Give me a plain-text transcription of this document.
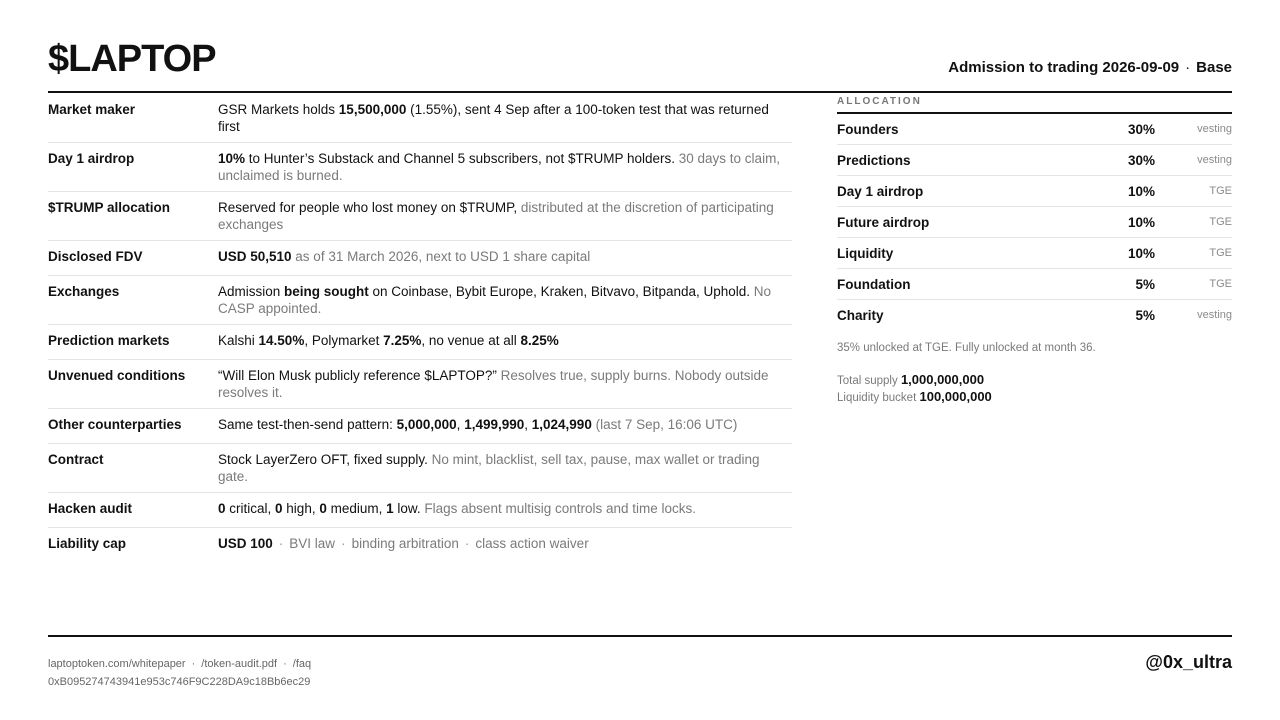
$LAPTOP	Admission to trading 2026-09-09 · Base
Market maker	GSR Markets holds 15,500,000 (1.55%), sent 4 Sep after a 100-token test that was returned first
Day 1 airdrop	10% to Hunter’s Substack and Channel 5 subscribers, not $TRUMP holders. 30 days to claim, unclaimed is burned.
$TRUMP allocation	Reserved for people who lost money on $TRUMP, distributed at the discretion of participating exchanges
Disclosed FDV	USD 50,510 as of 31 March 2026, next to USD 1 share capital
Exchanges	Admission being sought on Coinbase, Bybit Europe, Kraken, Bitvavo, Bitpanda, Uphold. No CASP appointed.
Prediction markets	Kalshi 14.50%, Polymarket 7.25%, no venue at all 8.25%
Unvenued conditions	“Will Elon Musk publicly reference $LAPTOP?” Resolves true, supply burns. Nobody outside resolves it.
Other counterparties	Same test-then-send pattern: 5,000,000, 1,499,990, 1,024,990 (last 7 Sep, 16:06 UTC)
Contract	Stock LayerZero OFT, fixed supply. No mint, blacklist, sell tax, pause, max wallet or trading gate.
Hacken audit	0 critical, 0 high, 0 medium, 1 low. Flags absent multisig controls and time locks.
Liability cap	USD 100 · BVI law · binding arbitration · class action waiver
ALLOCATION
Founders	30%	vesting
Predictions	30%	vesting
Day 1 airdrop	10%	TGE
Future airdrop	10%	TGE
Liquidity	10%	TGE
Foundation	5%	TGE
Charity	5%	vesting
35% unlocked at TGE. Fully unlocked at month 36.
Total supply 1,000,000,000
Liquidity bucket 100,000,000
laptoptoken.com/whitepaper · /token-audit.pdf · /faq
0xB095274743941e953c746F9C228DA9c18Bb6ec29
@0x_ultra
